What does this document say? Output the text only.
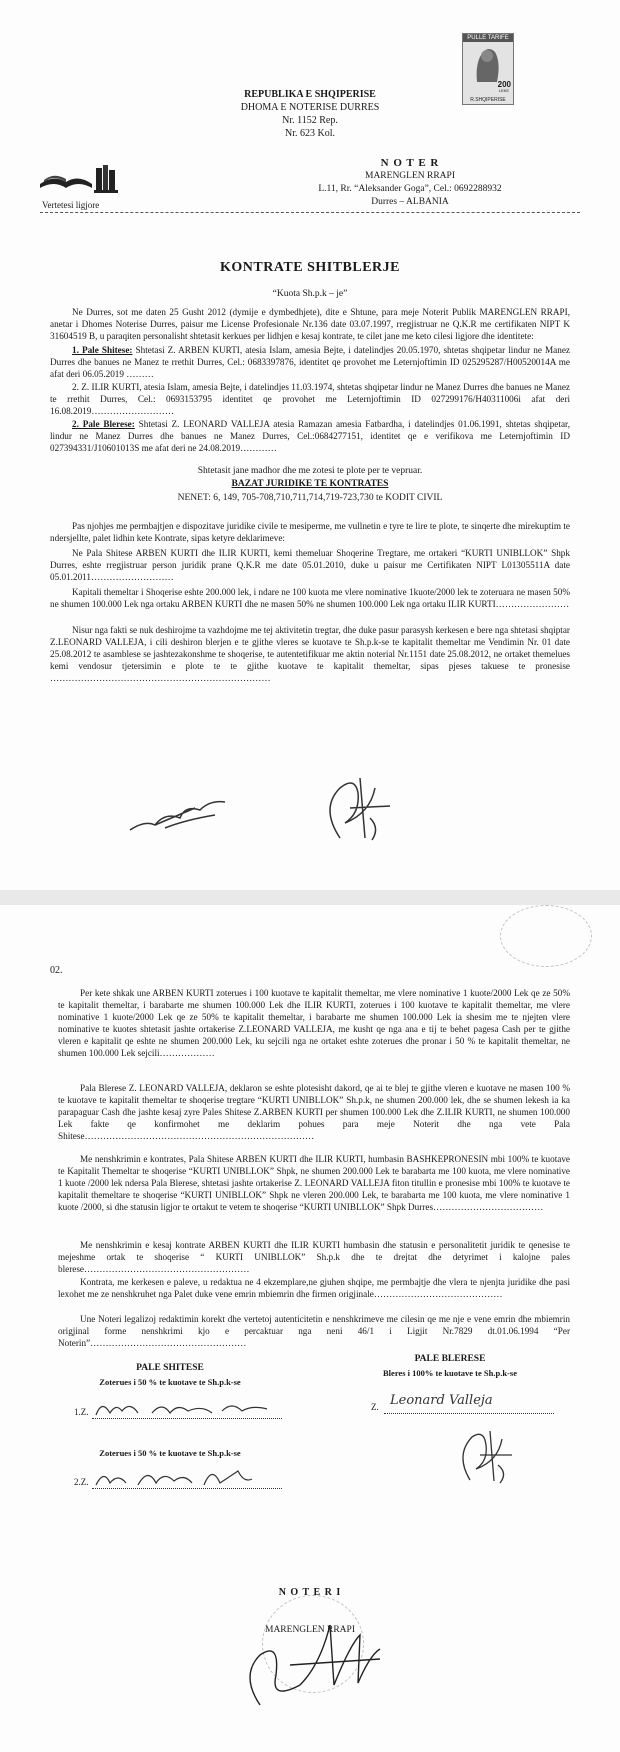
PULLE TARIFE
200
LEKE
R.SHQIPERISE
REPUBLIKA E SHQIPERISE
DHOMA E NOTERISE DURRES
Nr. 1152 Rep.
Nr. 623 Kol.
Vertetesi ligjore
N O T E R
MARENGLEN RRAPI
L.11, Rr. “Aleksander Goga”, Cel.: 0692288932
Durres – ALBANIA
KONTRATE SHITBLERJE
“Kuota Sh.p.k – je”

Ne Durres, sot me daten 25 Gusht 2012 (dymije e dymbedhjete), dite e Shtune, para meje Noterit Publik MARENGLEN RRAPI, anetar i Dhomes Noterise Durres, paisur me License Profesionale Nr.136 date 03.07.1997, rregjistruar ne Q.K.R me certifikaten NIPT K 31604519 B, u paraqiten personalisht shtetasit kerkues per lidhjen e kesaj kontrate, te cilet jane me keto cilesi ligjore dhe identitete:

1. Pale Shitese: Shtetasi Z. ARBEN KURTI, atesia Islam, amesia Bejte, i datelindjes 20.05.1970, shtetas shqipetar lindur ne Manez Durres dhe banues ne Manez te rrethit Durres, Cel.: 0683397876, identitet qe provohet me Leternjoftimin ID 025295287/H00520014A me afat deri 06.05.2019 ………

2. Z. ILIR KURTI, atesia Islam, amesia Bejte, i datelindjes 11.03.1974, shtetas shqipetar lindur ne Manez Durres dhe banues ne Manez te rrethit Durres, Cel.: 0693153795 identitet qe provohet me Leternjoftimin ID 027299176/H40311006i afat deri 16.08.2019………………………

2. Pale Blerese: Shtetasi Z. LEONARD VALLEJA atesia Ramazan amesia Fatbardha, i datelindjes 01.06.1991, shtetas shqipetar, lindur ne Manez Durres dhe banues ne Manez Durres, Cel.:0684277151, identitet qe e verifikova me Leternjoftimin ID 027394331/J10601013S me afat deri ne 24.08.2019…………
Shtetasit jane madhor dhe me zotesi te plote per te vepruar.
BAZAT JURIDIKE TE KONTRATES
NENET: 6, 149, 705-708,710,711,714,719-723,730 te KODIT CIVIL

Pas njohjes me permbajtjen e dispozitave juridike civile te mesiperme, me vullnetin e tyre te lire te plote, te sinqerte dhe mirekuptim te ndersjellte, palet lidhin kete Kontrate, sipas ketyre deklarimeve:

Ne Pala Shitese ARBEN KURTI dhe ILIR KURTI, kemi themeluar Shoqerine Tregtare, me ortakeri “KURTI UNIBLLOK” Shpk Durres, eshte rregjistruar person juridik prane Q.K.R me date 05.01.2010, duke u paisur me Certifikaten NIPT L01305511A date 05.01.2011………………………

Kapitali themeltar i Shoqerise eshte 200.000 lek, i ndare ne 100 kuota me vlere nominative 1kuote/2000 lek te zoteruara ne masen 50% ne shumen 100.000 Lek nga ortaku ARBEN KURTI dhe ne masen 50% ne shumen 100.000 Lek nga ortaku ILIR KURTI……………………

Nisur nga fakti se nuk deshirojme ta vazhdojme me tej aktivitetin tregtar, dhe duke pasur parasysh kerkesen e bere nga shtetasi shqiptar Z.LEONARD VALLEJA, i cili deshiron blerjen e te gjithe vleres se kuotave te Sh.p.k-se te kapitalit themeltar me Vendimin Nr. 01 date 25.08.2012 te asamblese se jashtezakonshme te shoqerise, te autentetifikuar me aktin noterial Nr.1151 date 25.08.2012, ne ortaket themelues kemi vendosur tjetersimin e plote te te gjithe kuotave te kapitalit themeltar, sipas pjeses takuese te pronesise ………………………………………………………………

02.

Per kete shkak une ARBEN KURTI zoterues i 100 kuotave te kapitalit themeltar, me vlere nominative 1 kuote/2000 Lek qe ze 50% te kapitalit themeltar, i barabarte me shumen 100.000 Lek dhe ILIR KURTI, zoterues i 100 kuotave te kapitalit themeltar, me vlere nominative 1 kuote/2000 Lek qe ze 50% te kapitalit themeltar, i barabarte me shumen 100.000 Lek ia shesim me te njejten vlere nominative te kuotes shtetasit jashte ortakerise Z.LEONARD VALLEJA, me kusht qe nga ana e tij te behet pagesa Cash per te gjithe vleren e kapitalit qe eshte ne shumen 200.000 Lek, ku sejcili nga ne ortaket eshte zoterues dhe pronar i 50 % te kapitalit themeltar, ne shumen 100.000 Lek sejcili………………

Pala Blerese Z. LEONARD VALLEJA, deklaron se eshte plotesisht dakord, qe ai te blej te gjithe vleren e kuotave ne masen 100 % te kuotave te kapitalit themeltar te shoqerise tregtare “KURTI UNIBLLOK” Sh.p.k, ne shumen 200.000 lek, dhe se shumen lekesh ia ka parapaguar Cash dhe jashte kesaj zyre Pales Shitese Z.ARBEN KURTI per shumen 100.000 Lek dhe Z.ILIR KURTI, ne shumen 100.000 Lek fakte qe konfirmohet me deklarim pohues para meje Noterit dhe nga vete Pala Shitese…………………………………………………………………

Me nenshkrimin e kontrates, Pala Shitese ARBEN KURTI dhe ILIR KURTI, humbasin BASHKEPRONESIN mbi 100% te kuotave te Kapitalit Themeltar te shoqerise “KURTI UNIBLLOK” Shpk, ne shumen 200.000 Lek te barabarta me 100 kuota, me vlere nominative 1 kuote /2000 lek ndersa Pala Blerese, shtetasi jashte ortakerise Z. LEONARD VALLEJA fiton titullin e pronesise mbi 100% te kuotave te kapitalit themeltare te shoqerise “KURTI UNIBLLOK” Shpk ne vleren 200.000 Lek, te barabarta me 100 kuota, me vlere nominative 1 kuote /2000, si dhe statusin ligjor te ortakut te vetem te shoqerise “KURTI UNIBLLOK” Shpk Durres………………………………

Me nenshkrimin e kesaj kontrate ARBEN KURTI dhe ILIR KURTI humbasin dhe statusin e personalitetit juridik te qenesise te mejeshme ortak te shoqerise “ KURTI UNIBLLOK” Sh.p.k dhe te drejtat dhe detyrimet i kalojne pales blerese………………………………………………

Kontrata, me kerkesen e paleve, u redaktua ne 4 ekzemplare,ne gjuhen shqipe, me permbajtje dhe vlera te njenjta juridike dhe pasi lexohet me ze nenshkruhet nga Palet duke vene emrin mbiemrin dhe firmen origjinale……………………………………

Une Noteri legalizoj redaktimin korekt dhe vertetoj autenticitetin e nenshkrimeve me cilesin qe me nje e vene emrin dhe mbiemrin origjinal forme nenshkrimi kjo e percaktuar nga neni 46/1 i Ligjit Nr.7829 dt.01.06.1994 “Per Noterin”……………………………………………

PALE SHITESE
Zoterues i 50 % te kuotave te Sh.p.k-se
1.Z.
Zoterues i 50 % te kuotave te Sh.p.k-se
2.Z.
PALE BLERESE
Bleres i 100% te kuotave te Sh.p.k-se
Z. Leonard Valleja
N O T E R I
MARENGLEN RRAPI
